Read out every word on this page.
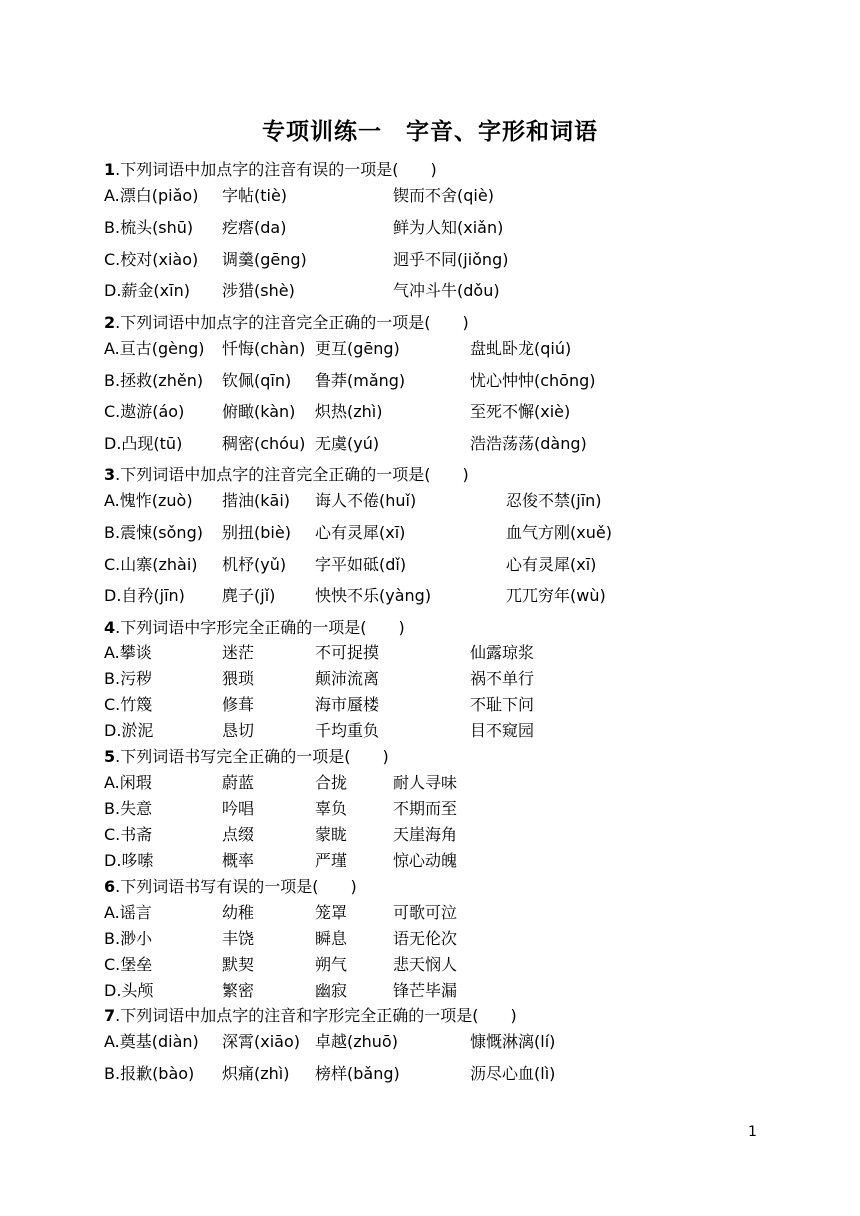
专项训练一　字音、字形和词语
1.下列词语中加点字的注音有误的一项是(　　)
A.漂白(piǎo) 字帖(tiè)	锲而不舍(qiè)
B.梳头(shū) 疙瘩(da)	鲜为人知(xiǎn)
C.校对(xiào) 调羹(gēng)	迥乎不同(jiǒng)
D.薪金(xīn) 涉猎(shè)	气冲斗牛(dǒu)
2.下列词语中加点字的注音完全正确的一项是(　　)
A.亘古(gèng) 忏悔(chàn) 更互(gēng)	盘虬卧龙(qiú)
B.拯救(zhěn) 钦佩(qīn) 鲁莽(mǎng)	忧心忡忡(chōng)
C.遨游(áo) 俯瞰(kàn) 炽热(zhì)	至死不懈(xiè)
D.凸现(tū) 稠密(chóu) 无虞(yú)	浩浩荡荡(dàng)
3.下列词语中加点字的注音完全正确的一项是(　　)
A.愧怍(zuò) 揩油(kāi) 诲人不倦(huǐ)	忍俊不禁(jīn)
B.震悚(sǒng) 别扭(biè) 心有灵犀(xī)	血气方刚(xuě)
C.山寨(zhài) 机杼(yǔ) 字平如砥(dǐ)	心有灵犀(xī)
D.自矜(jīn) 麂子(jǐ) 怏怏不乐(yàng)	兀兀穷年(wù)
4.下列词语中字形完全正确的一项是(　　)
A.攀谈	迷茫	不可捉摸	仙露琼浆
B.污秽	猥琐	颠沛流离	祸不单行
C.竹篾	修葺	海市蜃楼	不耻下问
D.淤泥	恳切	千均重负	目不窥园
5.下列词语书写完全正确的一项是(　　)
A.闲瑕	蔚蓝	合拢	耐人寻味
B.失意	吟唱	辜负	不期而至
C.书斋	点缀	蒙眬	天崖海角
D.哆嗦	概率	严瑾	惊心动魄
6.下列词语书写有误的一项是(　　)
A.谣言	幼稚	笼罩	可歌可泣
B.渺小	丰饶	瞬息	语无伦次
C.堡垒	默契	朔气	悲天悯人
D.头颅	繁密	幽寂	锋芒毕漏
7.下列词语中加点字的注音和字形完全正确的一项是(　　)
A.奠基(diàn) 深霄(xiāo) 卓越(zhuō)	慷慨淋漓(lí)
B.报歉(bào) 炽痛(zhì) 榜样(bǎng)	沥尽心血(lì)
1
